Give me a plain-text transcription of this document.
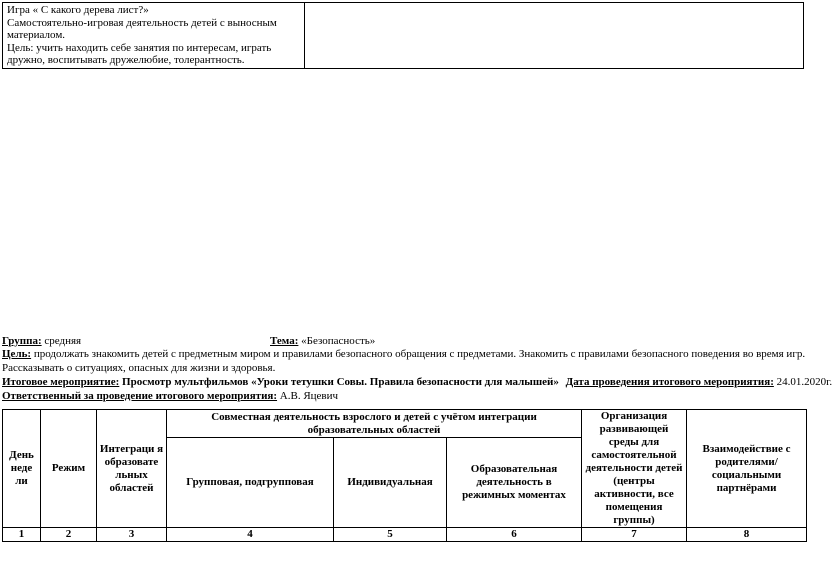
Игра « С какого дерева лист?»
Самостоятельно-игровая деятельность детей с выносным материалом.
Цель: учить находить себе занятия по интересам, играть дружно, воспитывать дружелюбие, толерантность.

Группа: средняя	Тема: «Безопасность»
Цель: продолжать знакомить детей с предметным миром и правилами безопасного обращения с предметами. Знакомить с правилами безопасного поведения во время игр.
Рассказывать о ситуациях, опасных для жизни и здоровья.
Итоговое мероприятие: Просмотр мультфильмов «Уроки тетушки Совы. Правила безопасности для малышей» Дата проведения итогового мероприятия: 24.01.2020г.
Ответственный за проведение итогового мероприятия: А.В. Яцевич
День неде ли	Режим	Интеграци я образовате льных областей	Совместная деятельность взрослого и детей с учётом интеграции образовательных областей			Организация развивающей среды для самостоятельной деятельности детей (центры активности, все помещения группы)	Взаимодействие с родителями/ социальными партнёрами
			Групповая, подгрупповая	Индивидуальная	Образовательная деятельность в режимных моментах		
1	2	3	4	5	6	7	8
